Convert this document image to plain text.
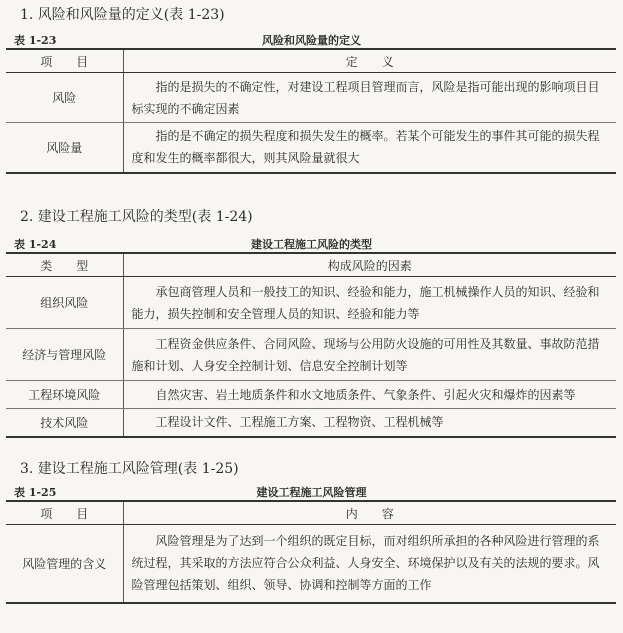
1. 风险和风险量的定义(表 1-23)
表 1-23	风险和风险量的定义
项　　目	定　　义
风险	指的是损失的不确定性，对建设工程项目管理而言，风险是指可能出现的影响项目目标实现的不确定因素
风险量	指的是不确定的损失程度和损失发生的概率。若某个可能发生的事件其可能的损失程度和发生的概率都很大，则其风险量就很大
2. 建设工程施工风险的类型(表 1-24)
表 1-24	建设工程施工风险的类型
类　　型	构成风险的因素
组织风险	承包商管理人员和一般技工的知识、经验和能力，施工机械操作人员的知识、经验和能力，损失控制和安全管理人员的知识、经验和能力等
经济与管理风险	工程资金供应条件、合同风险、现场与公用防火设施的可用性及其数量、事故防范措施和计划、人身安全控制计划、信息安全控制计划等
工程环境风险	自然灾害、岩土地质条件和水文地质条件、气象条件、引起火灾和爆炸的因素等
技术风险	工程设计文件、工程施工方案、工程物资、工程机械等
3. 建设工程施工风险管理(表 1-25)
表 1-25	建设工程施工风险管理
项　　目	内　　容
风险管理的含义	风险管理是为了达到一个组织的既定目标，而对组织所承担的各种风险进行管理的系统过程，其采取的方法应符合公众利益、人身安全、环境保护以及有关的法规的要求。风险管理包括策划、组织、领导、协调和控制等方面的工作
